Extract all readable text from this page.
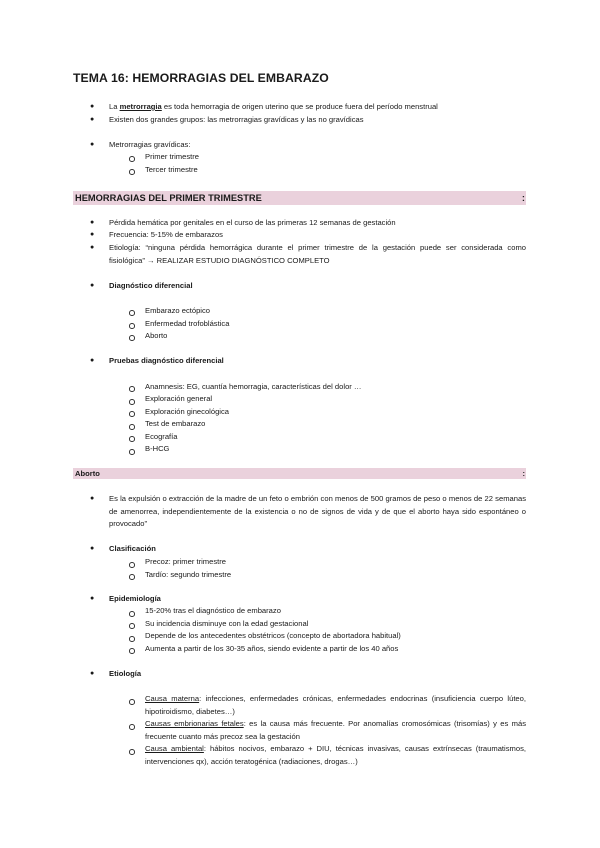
TEMA 16: HEMORRAGIAS DEL EMBARAZO
● La metrorragia es toda hemorragia de origen uterino que se produce fuera del período menstrual
● Existen dos grandes grupos: las metrorragias gravídicas y las no gravídicas
● Metrorragias gravídicas:
Primer trimestre
Tercer trimestre
HEMORRAGIAS DEL PRIMER TRIMESTRE	:
● Pérdida hemática por genitales en el curso de las primeras 12 semanas de gestación
● Frecuencia: 5-15% de embarazos
● Etiología: “ninguna pérdida hemorrágica durante el primer trimestre de la gestación puede ser considerada como fisiológica” → REALIZAR ESTUDIO DIAGNÓSTICO COMPLETO
● Diagnóstico diferencial
Embarazo ectópico
Enfermedad trofoblástica
Aborto
● Pruebas diagnóstico diferencial
Anamnesis: EG, cuantía hemorragia, características del dolor …
Exploración general
Exploración ginecológica
Test de embarazo
Ecografía
B-HCG
Aborto	:
● Es la expulsión o extracción de la madre de un feto o embrión con menos de 500 gramos de peso o menos de 22 semanas de amenorrea, independientemente de la existencia o no de signos de vida y de que el aborto haya sido espontáneo o provocado”
● Clasificación
Precoz: primer trimestre
Tardío: segundo trimestre
● Epidemiología
15-20% tras el diagnóstico de embarazo
Su incidencia disminuye con la edad gestacional
Depende de los antecedentes obstétricos (concepto de abortadora habitual)
Aumenta a partir de los 30-35 años, siendo evidente a partir de los 40 años
● Etiología
Causa materna: infecciones, enfermedades crónicas, enfermedades endocrinas (insuficiencia cuerpo lúteo, hipotiroidismo, diabetes…)
Causas embrionarias fetales: es la causa más frecuente. Por anomalías cromosómicas (trisomías) y es más frecuente cuanto más precoz sea la gestación
Causa ambiental: hábitos nocivos, embarazo + DIU, técnicas invasivas, causas extrínsecas (traumatismos, intervenciones qx), acción teratogénica (radiaciones, drogas…)
